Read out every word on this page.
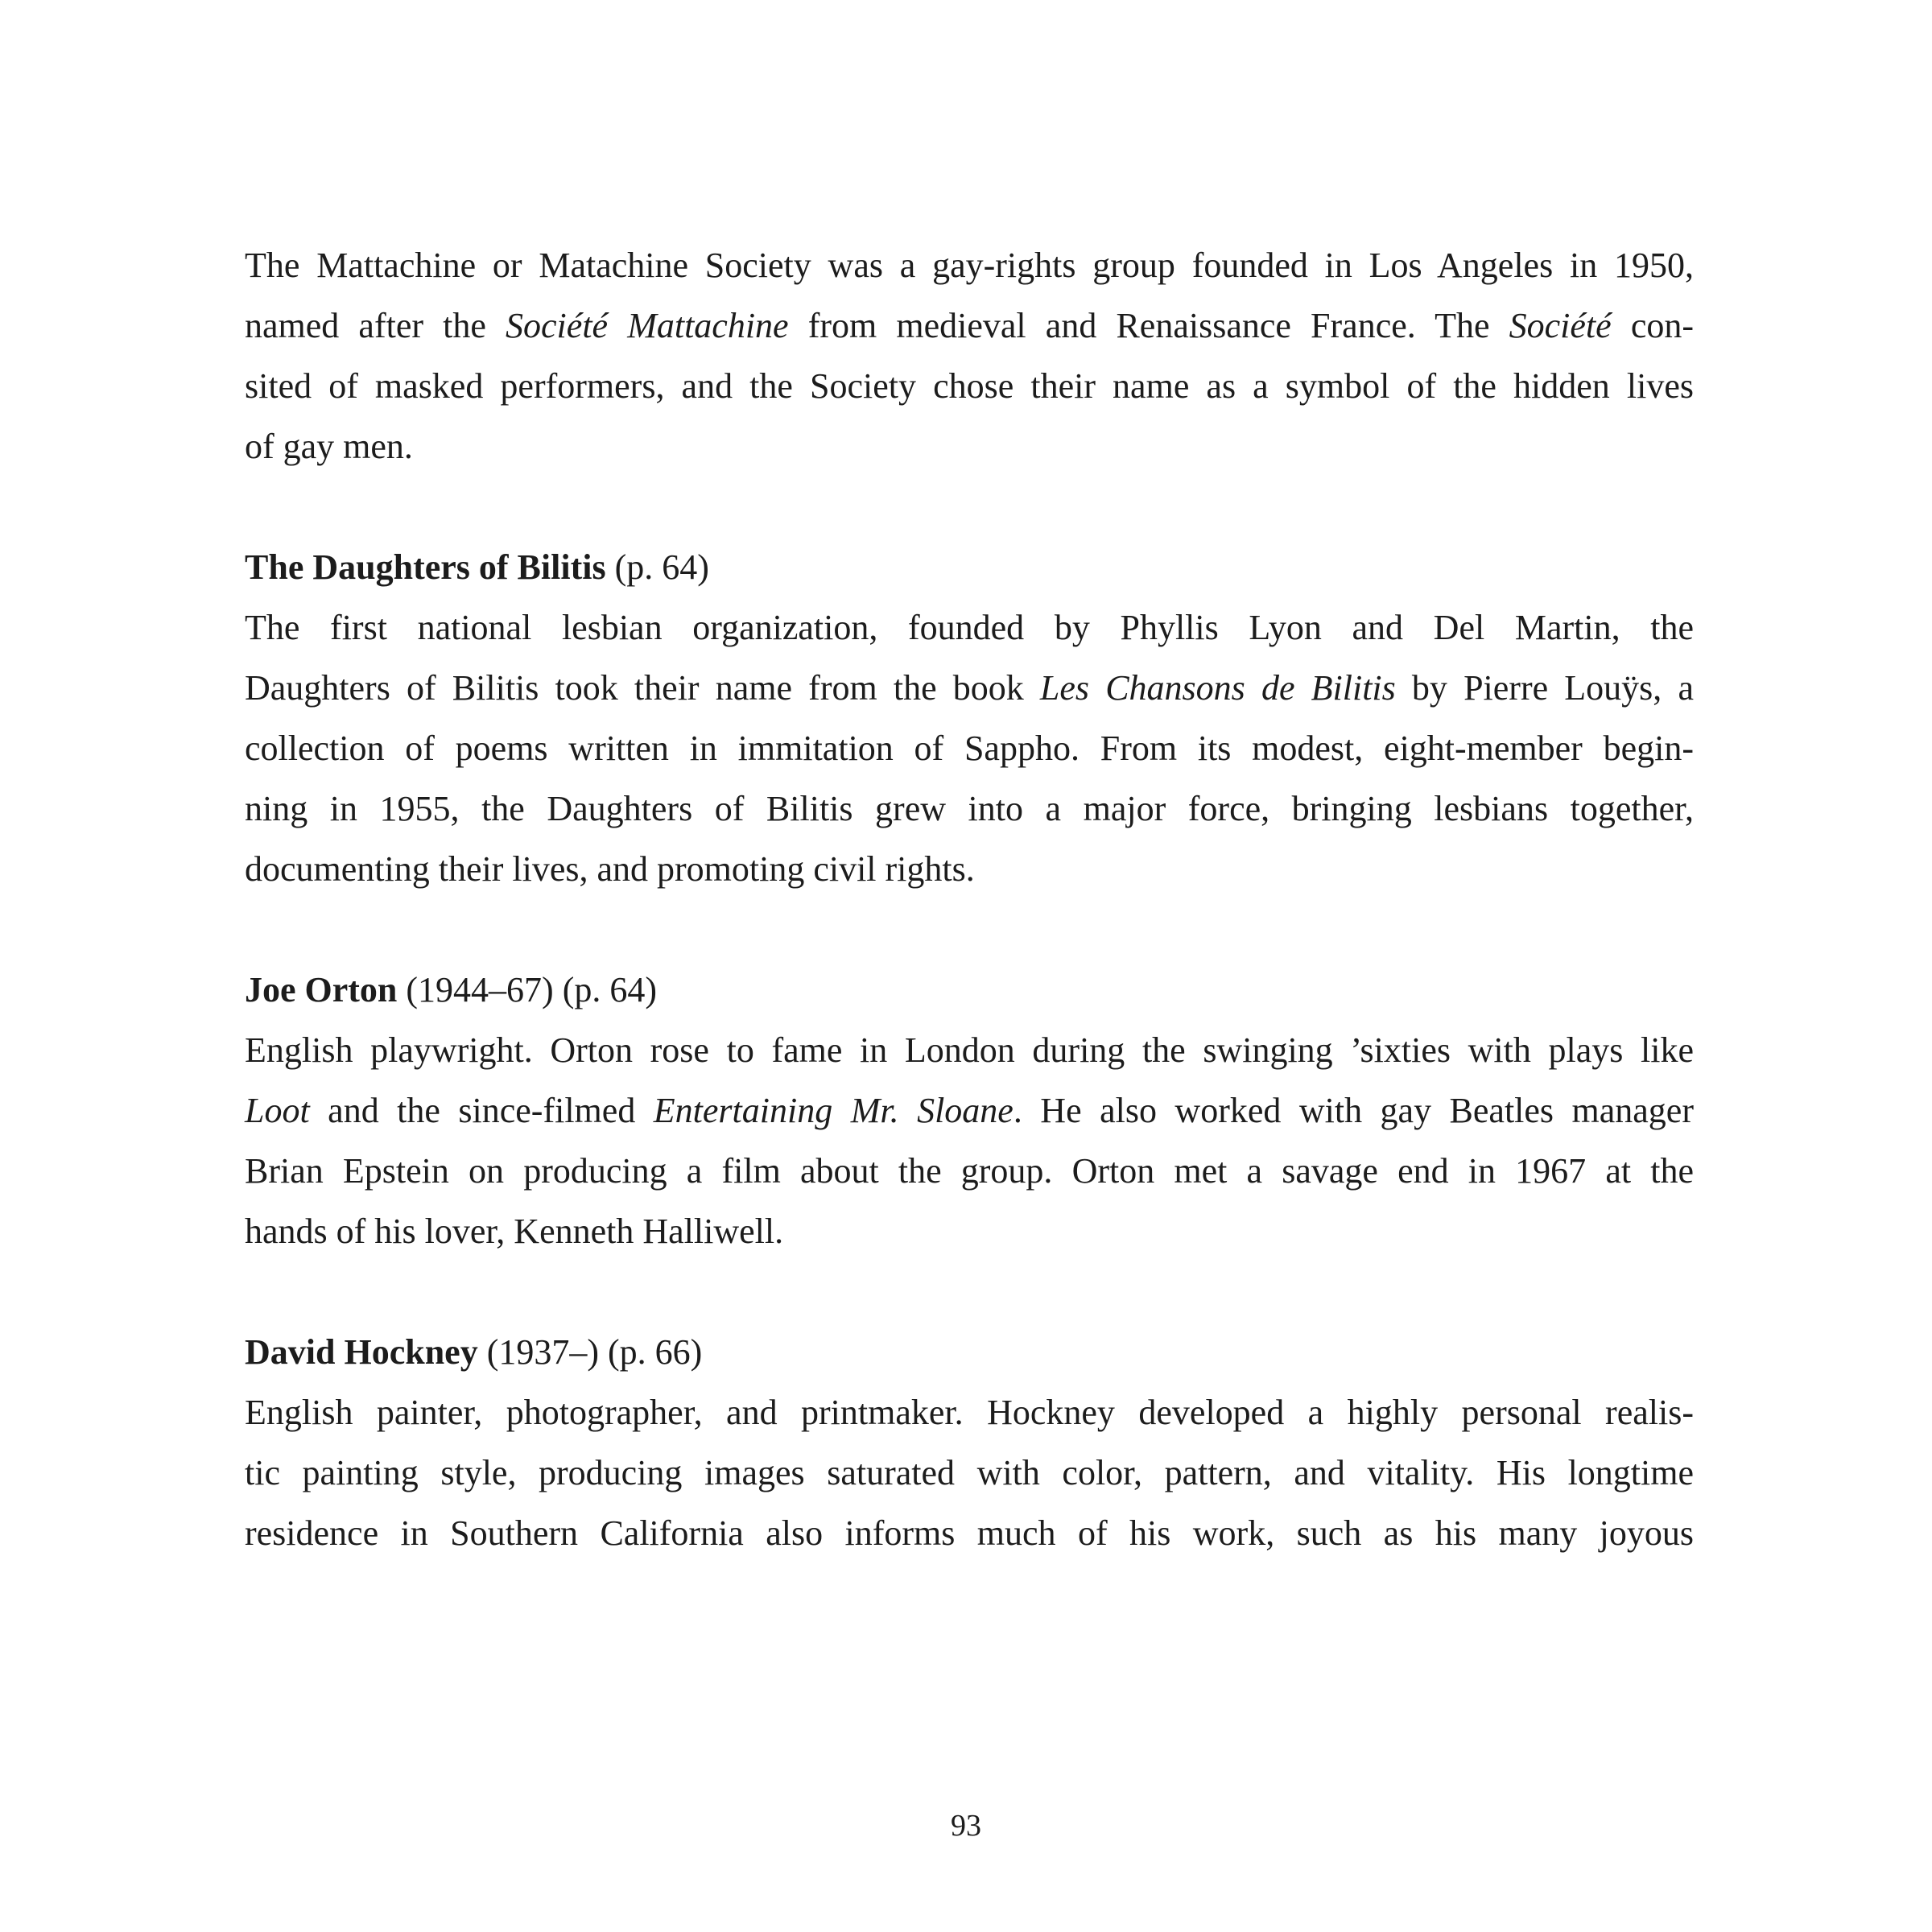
The Mattachine or Matachine Society was a gay-rights group founded in Los Angeles in 1950,
named after the Société Mattachine from medieval and Renaissance France. The Société con-
sited of masked performers, and the Society chose their name as a symbol of the hidden lives
of gay men.
The Daughters of Bilitis (p. 64)
The first national lesbian organization, founded by Phyllis Lyon and Del Martin, the
Daughters of Bilitis took their name from the book Les Chansons de Bilitis by Pierre Louÿs, a
collection of poems written in immitation of Sappho. From its modest, eight-member begin-
ning in 1955, the Daughters of Bilitis grew into a major force, bringing lesbians together,
documenting their lives, and promoting civil rights.
Joe Orton (1944–67) (p. 64)
English playwright. Orton rose to fame in London during the swinging ’sixties with plays like
Loot and the since-filmed Entertaining Mr. Sloane. He also worked with gay Beatles manager
Brian Epstein on producing a film about the group. Orton met a savage end in 1967 at the
hands of his lover, Kenneth Halliwell.
David Hockney (1937–) (p. 66)
English painter, photographer, and printmaker. Hockney developed a highly personal realis-
tic painting style, producing images saturated with color, pattern, and vitality. His longtime
residence in Southern California also informs much of his work, such as his many joyous
93
